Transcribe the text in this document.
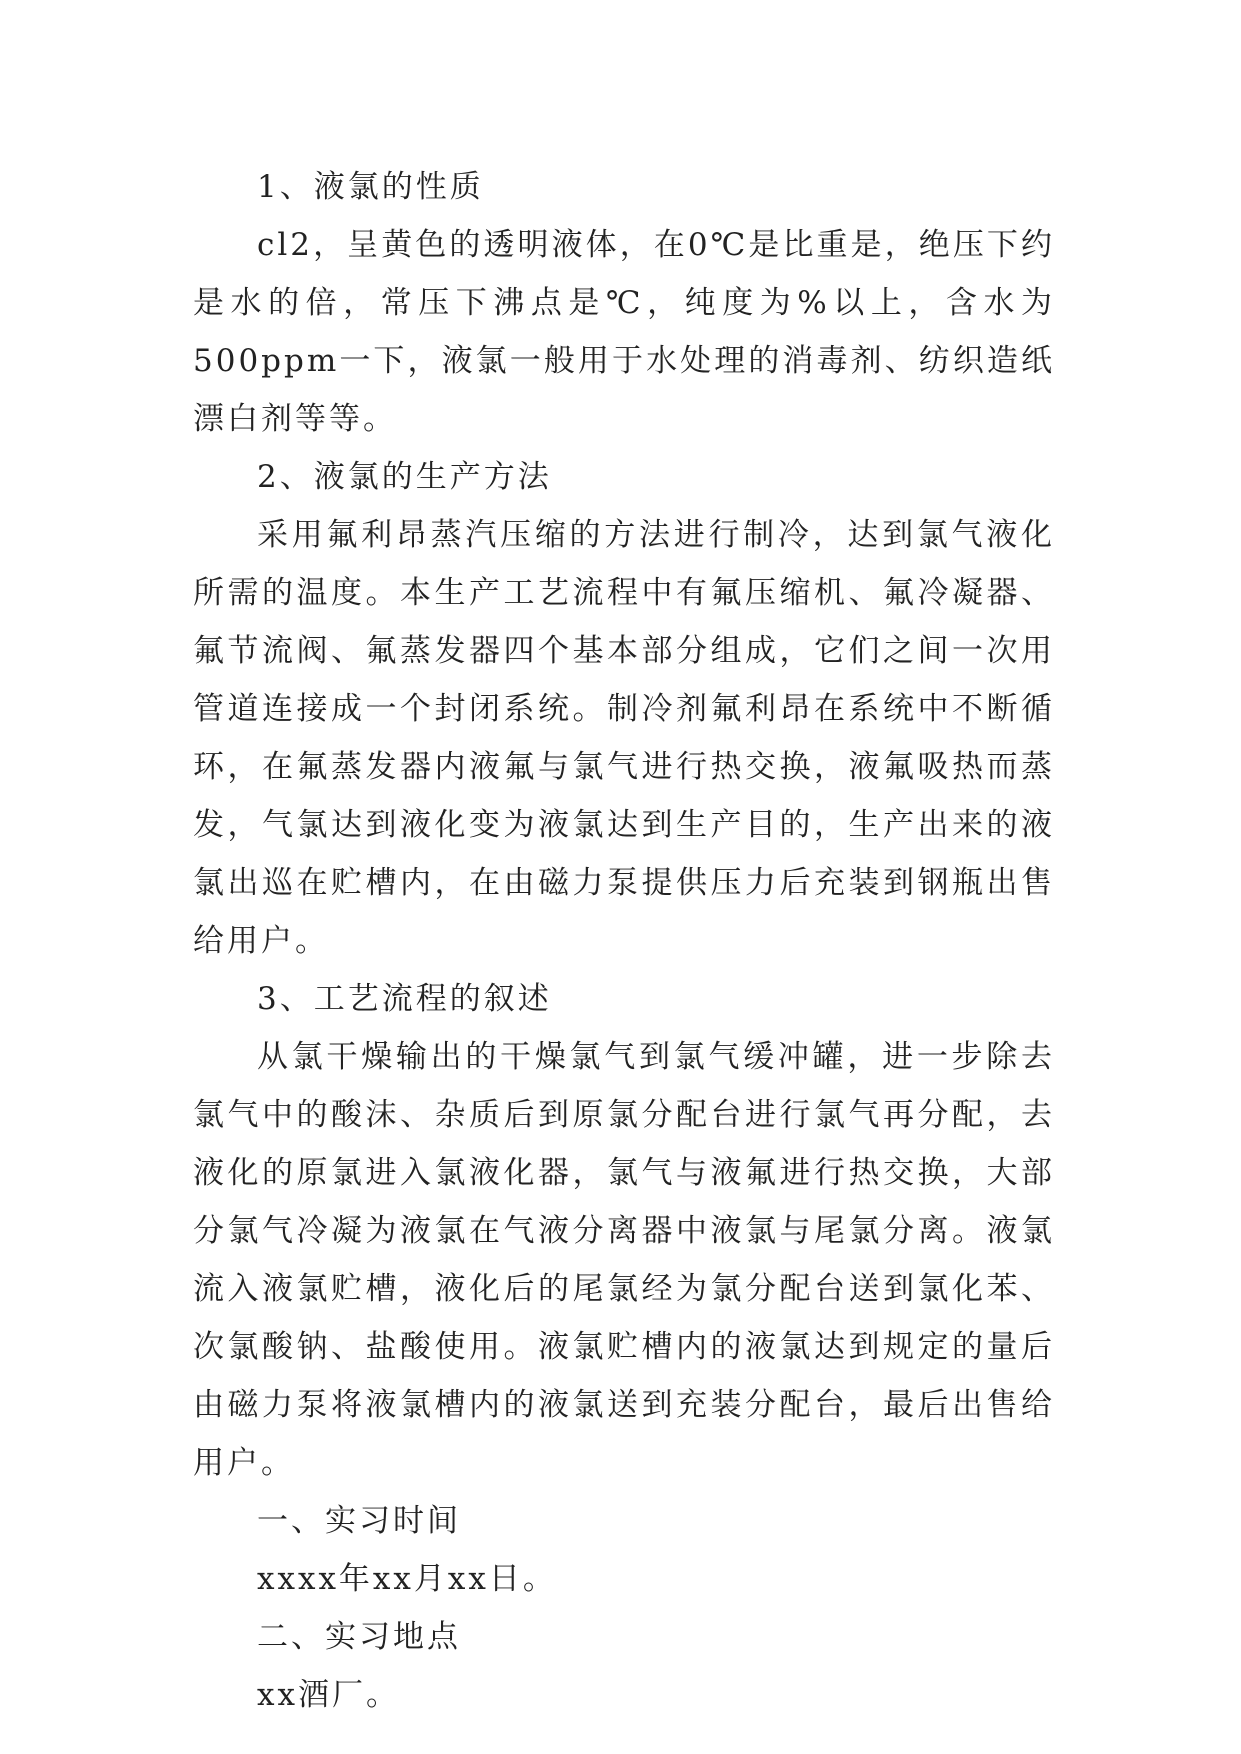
1、液氯的性质

cl2，呈黄色的透明液体，在0℃是比重是，绝压下约是水的倍，常压下沸点是℃，纯度为%以上，含水为500ppm一下，液氯一般用于水处理的消毒剂、纺织造纸漂白剂等等。

2、液氯的生产方法

采用氟利昂蒸汽压缩的方法进行制冷，达到氯气液化所需的温度。本生产工艺流程中有氟压缩机、氟冷凝器、氟节流阀、氟蒸发器四个基本部分组成，它们之间一次用管道连接成一个封闭系统。制冷剂氟利昂在系统中不断循环，在氟蒸发器内液氟与氯气进行热交换，液氟吸热而蒸发，气氯达到液化变为液氯达到生产目的，生产出来的液氯出巡在贮槽内，在由磁力泵提供压力后充装到钢瓶出售给用户。

3、工艺流程的叙述

从氯干燥输出的干燥氯气到氯气缓冲罐，进一步除去氯气中的酸沫、杂质后到原氯分配台进行氯气再分配，去液化的原氯进入氯液化器，氯气与液氟进行热交换，大部分氯气冷凝为液氯在气液分离器中液氯与尾氯分离。液氯流入液氯贮槽，液化后的尾氯经为氯分配台送到氯化苯、次氯酸钠、盐酸使用。液氯贮槽内的液氯达到规定的量后由磁力泵将液氯槽内的液氯送到充装分配台，最后出售给用户。

一、实习时间

xxxx年xx月xx日。

二、实习地点

xx酒厂。
